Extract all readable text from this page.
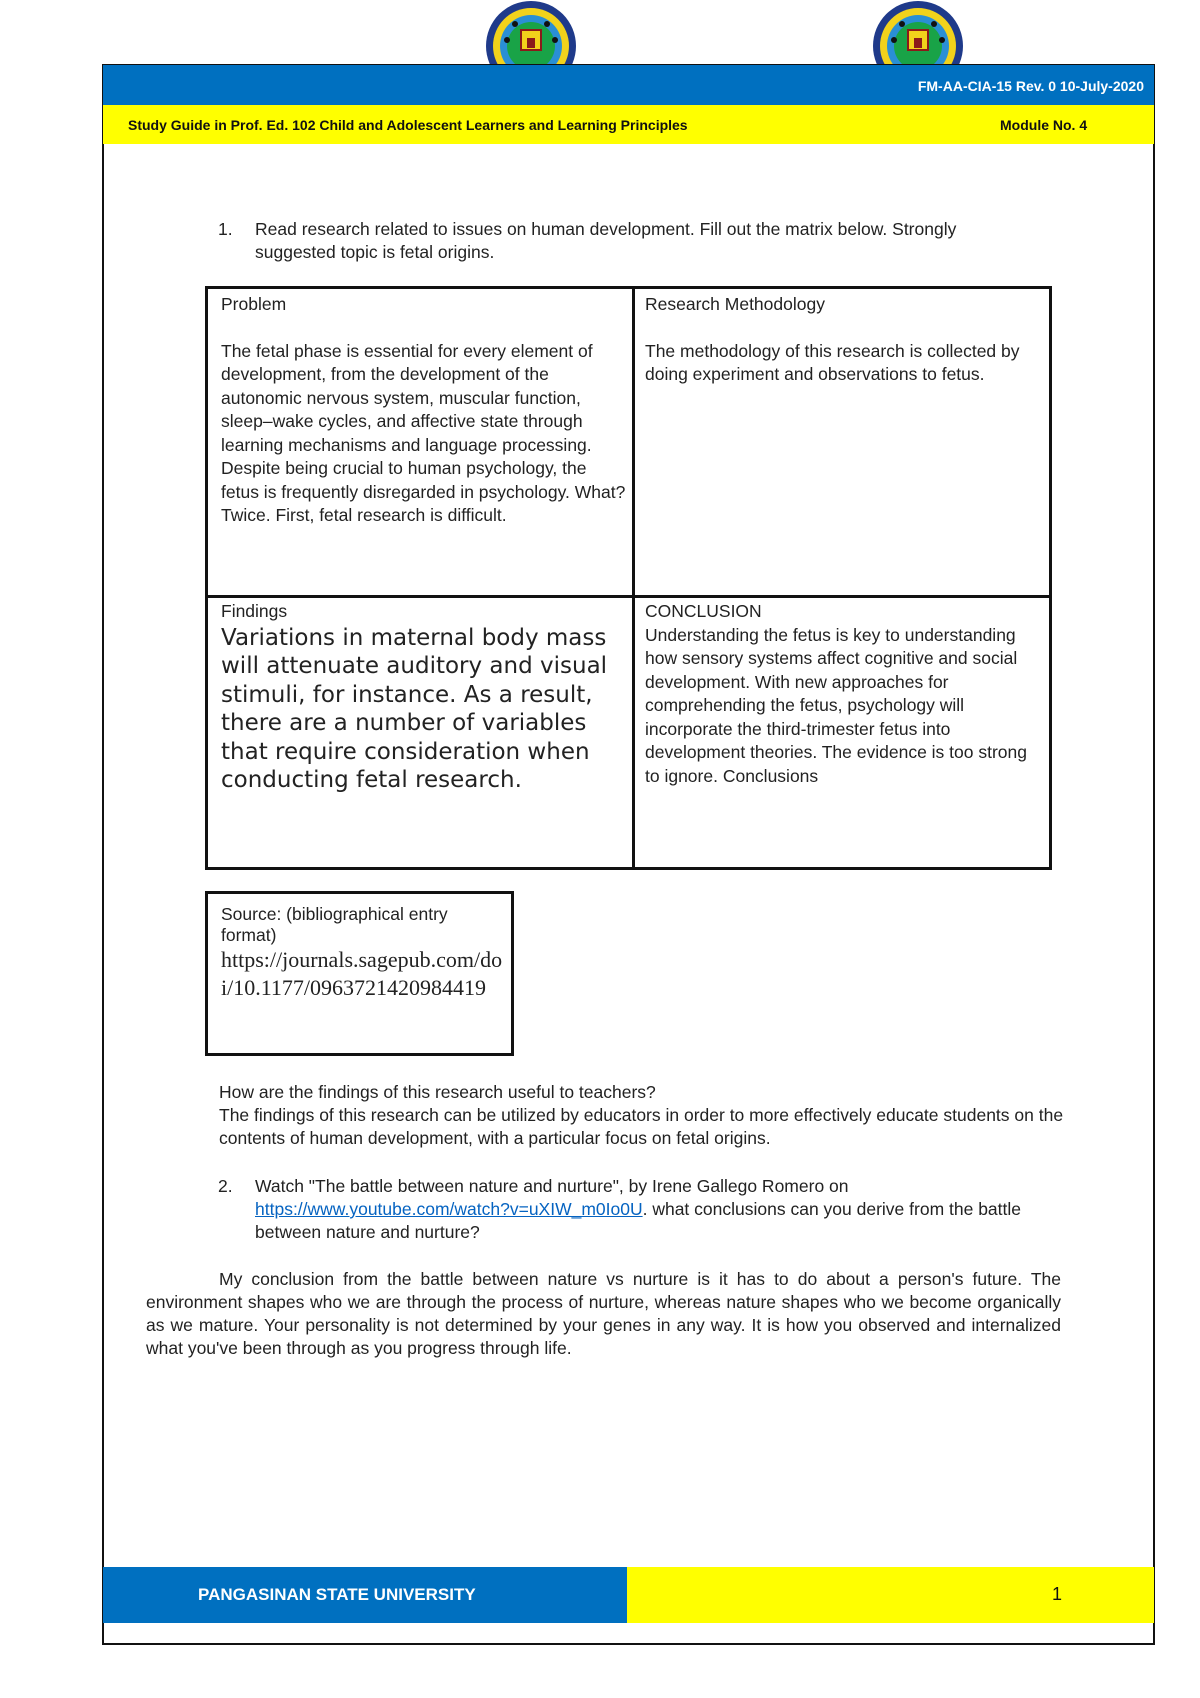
FM-AA-CIA-15 Rev. 0 10-July-2020
Study Guide in Prof. Ed. 102 Child and Adolescent Learners and Learning Principles	Module No. 4
1. Read research related to issues on human development. Fill out the matrix below. Strongly suggested topic is fetal origins.
Problem
The fetal phase is essential for every element of development, from the development of the autonomic nervous system, muscular function, sleep–wake cycles, and affective state through learning mechanisms and language processing. Despite being crucial to human psychology, the fetus is frequently disregarded in psychology. What? Twice. First, fetal research is difficult.
Research Methodology
The methodology of this research is collected by doing experiment and observations to fetus.
Findings
Variations in maternal body mass will attenuate auditory and visual stimuli, for instance. As a result, there are a number of variables that require consideration when conducting fetal research.
CONCLUSION
Understanding the fetus is key to understanding
how sensory systems affect cognitive and social development. With new approaches for
comprehending the fetus, psychology will incorporate the third-trimester fetus into development theories. The evidence is too strong to ignore. Conclusions
Source: (bibliographical entry format)
https://journals.sagepub.com/doi/10.1177/0963721420984419
How are the findings of this research useful to teachers?
The findings of this research can be utilized by educators in order to more effectively educate students on the contents of human development, with a particular focus on fetal origins.
2. Watch "The battle between nature and nurture", by Irene Gallego Romero on https://www.youtube.com/watch?v=uXIW_m0Io0U. what conclusions can you derive from the battle between nature and nurture?
My conclusion from the battle between nature vs nurture is it has to do about a person's future. The environment shapes who we are through the process of nurture, whereas nature shapes who we become organically as we mature. Your personality is not determined by your genes in any way. It is how you observed and internalized what you've been through as you progress through life.
PANGASINAN STATE UNIVERSITY	1
